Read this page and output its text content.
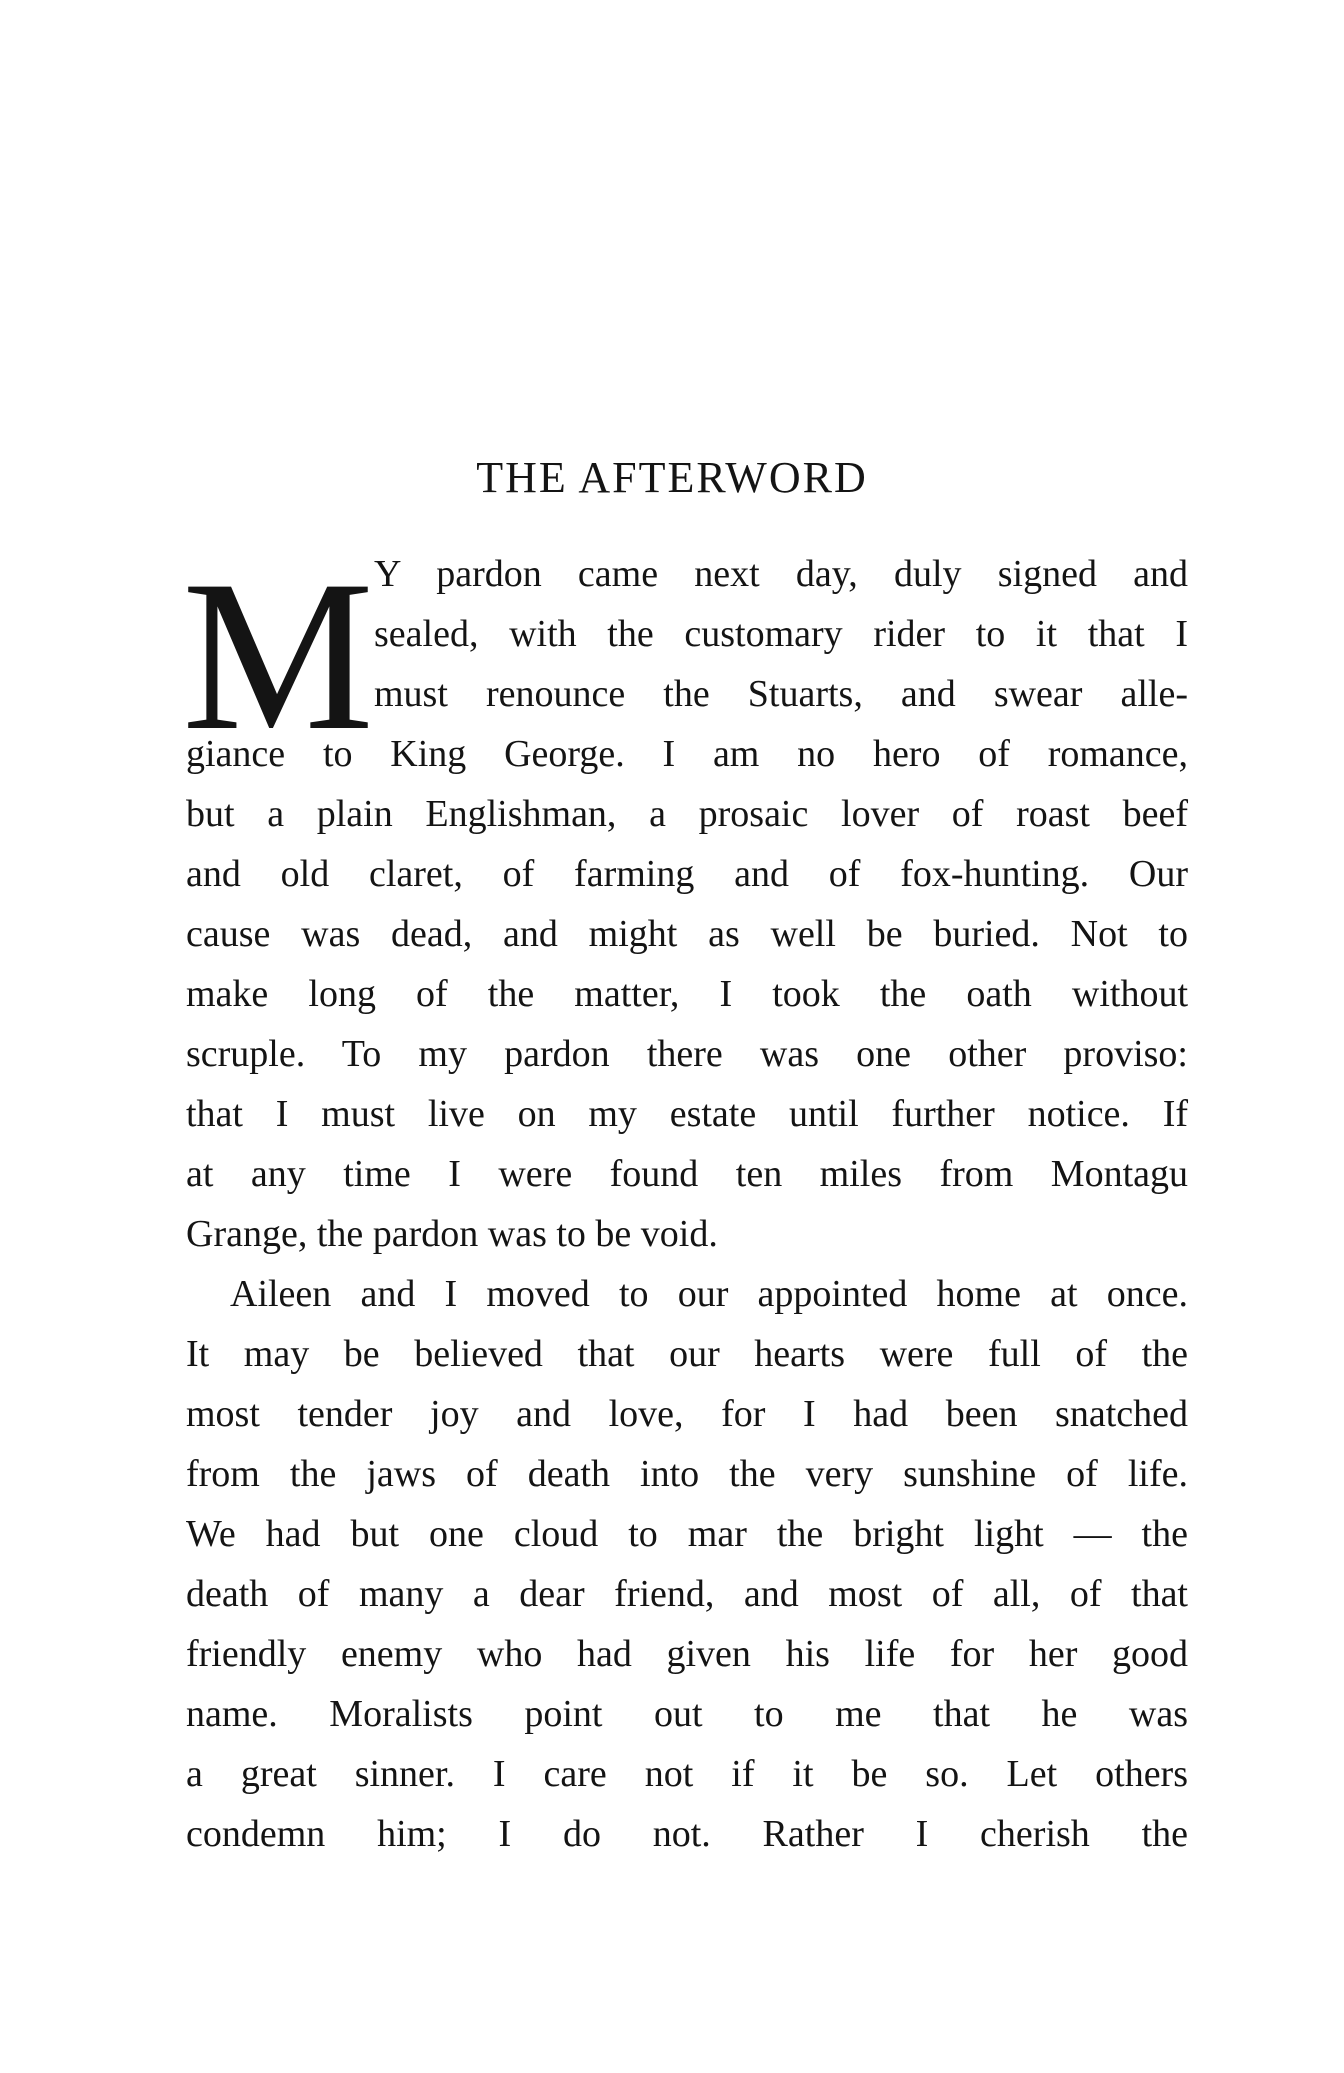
THE AFTERWORD
M Y pardon came next day, duly signed and
sealed, with the customary rider to it that I
must renounce the Stuarts, and swear alle-
giance to King George. I am no hero of romance,
but a plain Englishman, a prosaic lover of roast beef
and old claret, of farming and of fox-hunting. Our
cause was dead, and might as well be buried. Not to
make long of the matter, I took the oath without
scruple. To my pardon there was one other proviso:
that I must live on my estate until further notice. If
at any time I were found ten miles from Montagu
Grange, the pardon was to be void.
Aileen and I moved to our appointed home at once.
It may be believed that our hearts were full of the
most tender joy and love, for I had been snatched
from the jaws of death into the very sunshine of life.
We had but one cloud to mar the bright light — the
death of many a dear friend, and most of all, of that
friendly enemy who had given his life for her good
name. Moralists point out to me that he was
a great sinner. I care not if it be so. Let others
condemn him; I do not. Rather I cherish the
